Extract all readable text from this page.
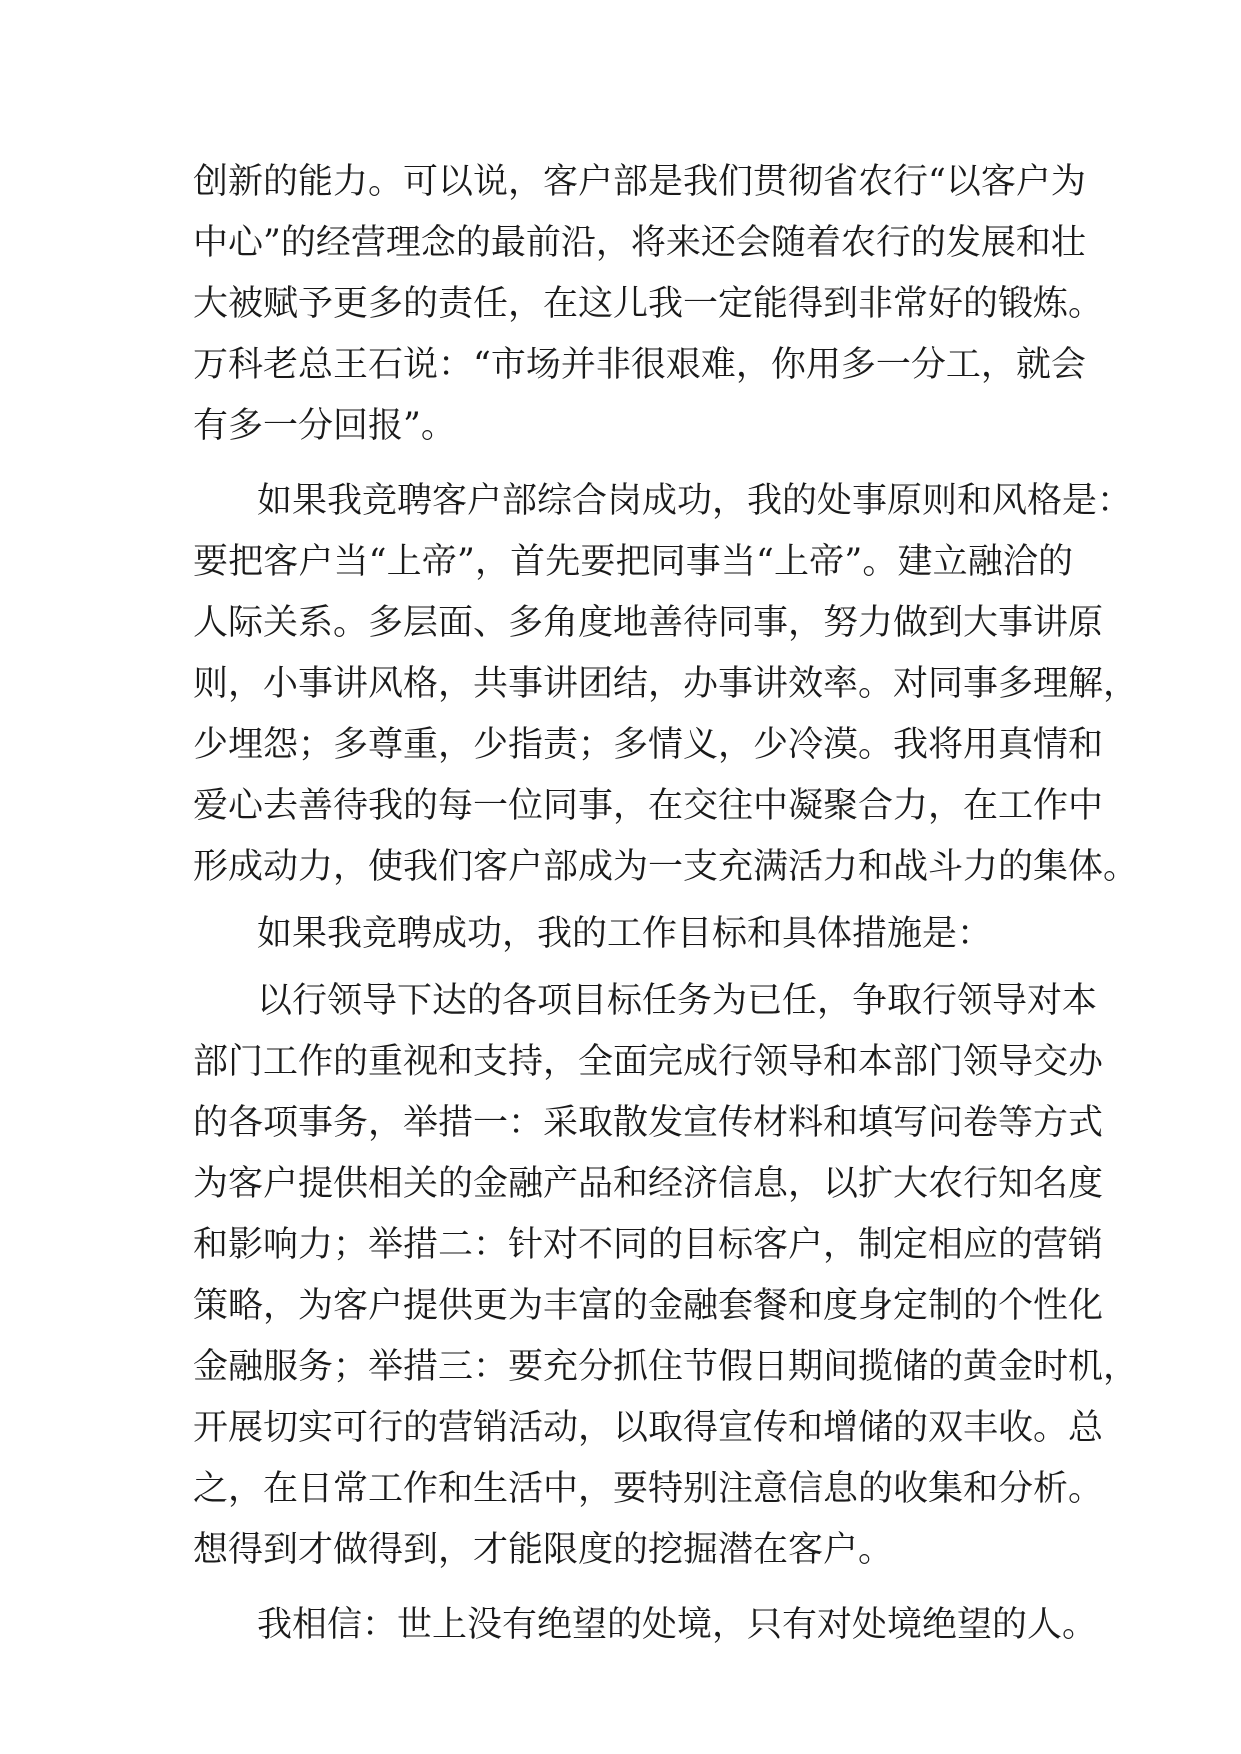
创新的能力。可以说，客户部是我们贯彻省农行“以客户为
中心”的经营理念的最前沿，将来还会随着农行的发展和壮
大被赋予更多的责任，在这儿我一定能得到非常好的锻炼。
万科老总王石说：“市场并非很艰难，你用多一分工，就会
有多一分回报”。
如果我竞聘客户部综合岗成功，我的处事原则和风格是：
要把客户当“上帝”，首先要把同事当“上帝”。建立融洽的
人际关系。多层面、多角度地善待同事，努力做到大事讲原
则，小事讲风格，共事讲团结，办事讲效率。对同事多理解，
少埋怨；多尊重，少指责；多情义，少冷漠。我将用真情和
爱心去善待我的每一位同事，在交往中凝聚合力，在工作中
形成动力，使我们客户部成为一支充满活力和战斗力的集体。
如果我竞聘成功，我的工作目标和具体措施是：
以行领导下达的各项目标任务为已任，争取行领导对本
部门工作的重视和支持，全面完成行领导和本部门领导交办
的各项事务，举措一：采取散发宣传材料和填写问卷等方式
为客户提供相关的金融产品和经济信息，以扩大农行知名度
和影响力；举措二：针对不同的目标客户，制定相应的营销
策略，为客户提供更为丰富的金融套餐和度身定制的个性化
金融服务；举措三：要充分抓住节假日期间揽储的黄金时机，
开展切实可行的营销活动，以取得宣传和增储的双丰收。总
之，在日常工作和生活中，要特别注意信息的收集和分析。
想得到才做得到，才能限度的挖掘潜在客户。
我相信：世上没有绝望的处境，只有对处境绝望的人。
